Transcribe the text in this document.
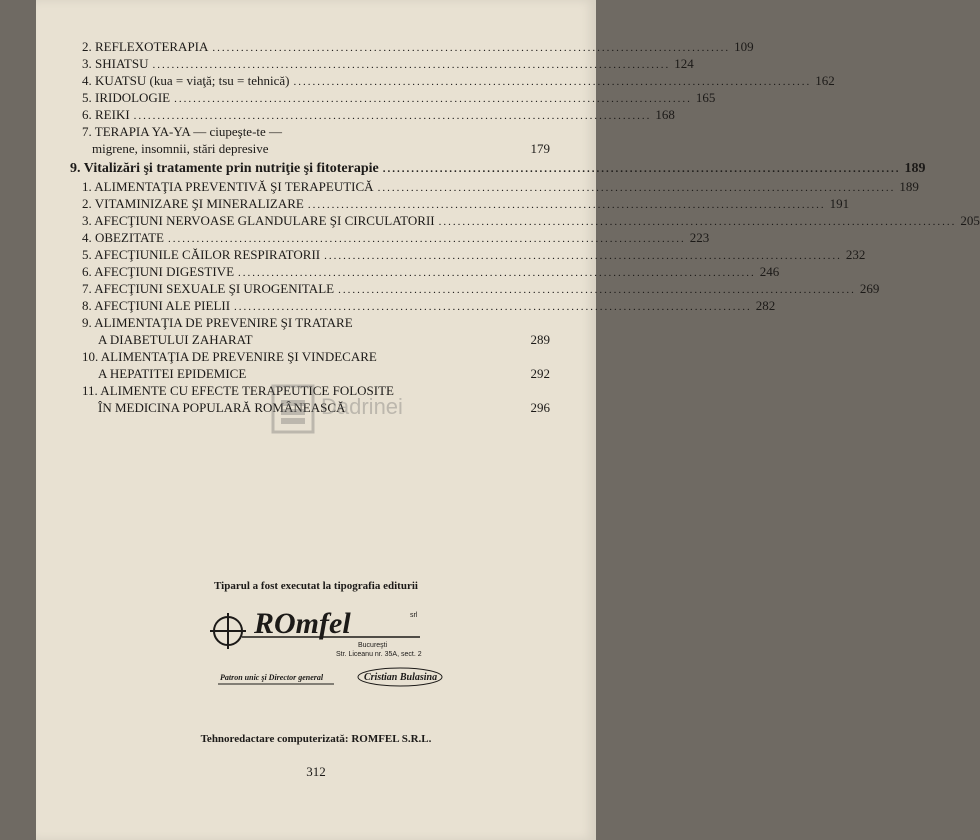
2. REFLEXOTERAPIA ............................................................................................................. 109
3. SHIATSU ............................................................................................................. 124
4. KUATSU (kua = viaţă; tsu = tehnică) ............................................................................................................. 162
5. IRIDOLOGIE ............................................................................................................. 165
6. REIKI ............................................................................................................. 168
7. TERAPIA YA-YA — ciupeşte-te —
migrene, insomnii, stări depresive	179
9. Vitalizări şi tratamente prin nutriţie şi fitoterapie ............................................................................................................. 189
1. ALIMENTAŢIA PREVENTIVĂ ŞI TERAPEUTICĂ ............................................................................................................. 189
2. VITAMINIZARE ŞI MINERALIZARE ............................................................................................................. 191
3. AFECŢIUNI NERVOASE GLANDULARE ŞI CIRCULATORII ............................................................................................................. 205
4. OBEZITATE ............................................................................................................. 223
5. AFECŢIUNILE CĂILOR RESPIRATORII ............................................................................................................. 232
6. AFECŢIUNI DIGESTIVE ............................................................................................................. 246
7. AFECŢIUNI SEXUALE ŞI UROGENITALE ............................................................................................................. 269
8. AFECŢIUNI ALE PIELII ............................................................................................................. 282
9. ALIMENTAŢIA DE PREVENIRE ŞI TRATARE
A DIABETULUI ZAHARAT	289
10. ALIMENTAŢIA DE PREVENIRE ŞI VINDECARE
A HEPATITEI EPIDEMICE	292
11. ALIMENTE CU EFECTE TERAPEUTICE FOLOSITE
ÎN MEDICINA POPULARĂ ROMÂNEASCĂ	296
Dadrinei
Tiparul a fost executat la tipografia editurii
ROmfel	srl
Bucureşti
Str. Liceanu nr. 35A, sect. 2
Patron unic şi Director general	Cristian Bulasina
Tehnoredactare computerizată: ROMFEL S.R.L.
312
